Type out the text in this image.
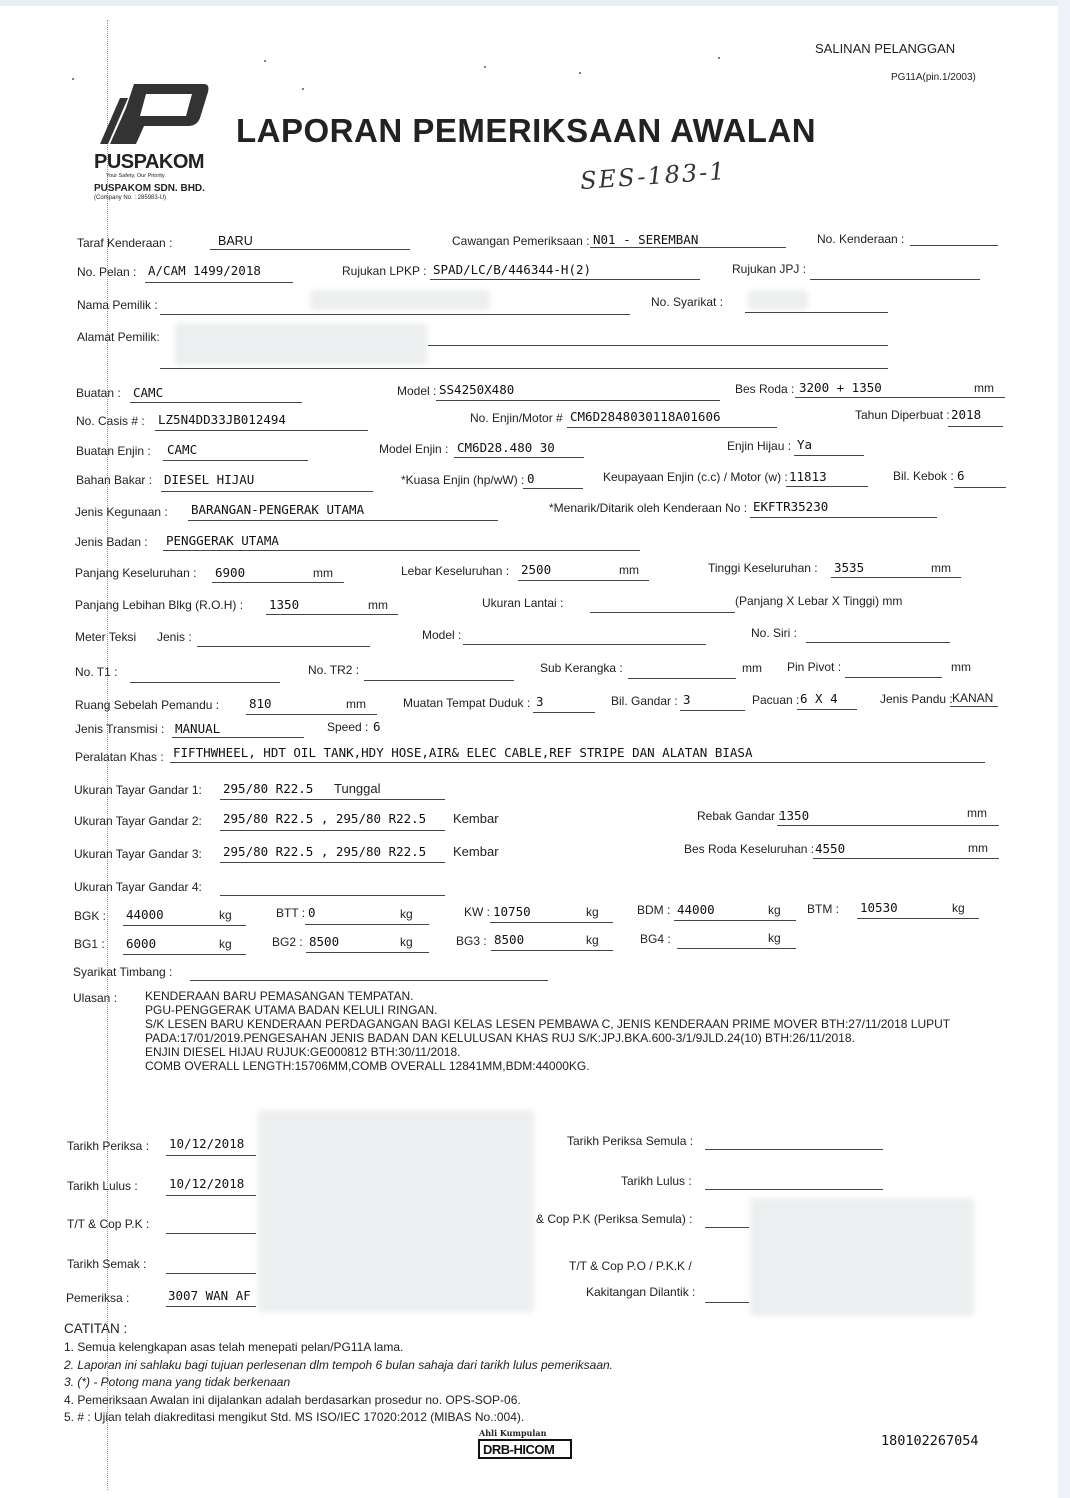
SALINAN PELANGGAN
PG11A(pin.1/2003)
PUSPAKOM
Your Safety, Our Priority
PUSPAKOM SDN. BHD.
(Company No. : 285983-U)
LAPORAN PEMERIKSAAN AWALAN
SES-183-1
Taraf Kenderaan :	BARU	Cawangan Pemeriksaan : N01 - SEREMBAN	No. Kenderaan :
No. Pelan : A/CAM 1499/2018	Rujukan LPKP : SPAD/LC/B/446344-H(2)	Rujukan JPJ :
Nama Pemilik :	No. Syarikat :
Alamat Pemilik:
Buatan : CAMC	Model : SS4250X480	Bes Roda : 3200 + 1350	mm
No. Casis # : LZ5N4DD33JB012494	No. Enjin/Motor # CM6D2848030118A01606	Tahun Diperbuat : 2018
Buatan Enjin : CAMC	Model Enjin : CM6D28.480 30	Enjin Hijau : Ya
Bahan Bakar : DIESEL HIJAU	*Kuasa Enjin (hp/wW) : 0	Keupayaan Enjin (c.c) / Motor (w) : 11813	Bil. Kebok : 6
Jenis Kegunaan : BARANGAN-PENGERAK UTAMA	*Menarik/Ditarik oleh Kenderaan No : EKFTR35230
Jenis Badan : PENGGERAK UTAMA
Panjang Keseluruhan : 6900	mm	Lebar Keseluruhan : 2500	mm	Tinggi Keseluruhan : 3535	mm
Panjang Lebihan Blkg (R.O.H) : 1350	mm	Ukuran Lantai :	(Panjang X Lebar X Tinggi) mm
Meter Teksi Jenis :	Model :	No. Siri :
No. T1 :	No. TR2 :	Sub Kerangka :	mm Pin Pivot :	mm
Ruang Sebelah Pemandu : 810	mm	Muatan Tempat Duduk : 3	Bil. Gandar : 3	Pacuan : 6 X 4	Jenis Pandu : KANAN
Jenis Transmisi : MANUAL	Speed : 6
Peralatan Khas : FIFTHWHEEL, HDT OIL TANK,HDY HOSE,AIR& ELEC CABLE,REF STRIPE DAN ALATAN BIASA
Ukuran Tayar Gandar 1: 295/80 R22.5 Tunggal
Ukuran Tayar Gandar 2: 295/80 R22.5 , 295/80 R22.5 Kembar	Rebak Gandar :
1350	mm
Ukuran Tayar Gandar 3: 295/80 R22.5 , 295/80 R22.5 Kembar	Bes Roda Keseluruhan : 4550	mm
Ukuran Tayar Gandar 4:
BGK : 44000	kg	BTT : 0	kg	KW : 10750	kg	BDM : 44000	kg BTM : 10530	kg
BG1 : 6000	kg	BG2 : 8500	kg	BG3 : 8500	kg	BG4 :	kg
Syarikat Timbang :
Ulasan : KENDERAAN BARU PEMASANGAN TEMPATAN.
PGU-PENGGERAK UTAMA BADAN KELULI RINGAN.
S/K LESEN BARU KENDERAAN PERDAGANGAN BAGI KELAS LESEN PEMBAWA C, JENIS KENDERAAN PRIME MOVER BTH:27/11/2018 LUPUT
PADA:17/01/2019.PENGESAHAN JENIS BADAN DAN KELULUSAN KHAS RUJ S/K:JPJ.BKA.600-3/1/9JLD.24(10) BTH:26/11/2018.
ENJIN DIESEL HIJAU RUJUK:GE000812 BTH:30/11/2018.
COMB OVERALL LENGTH:15706MM,COMB OVERALL 12841MM,BDM:44000KG.
Tarikh Periksa : 10/12/2018	Tarikh Periksa Semula :
Tarikh Lulus :	10/12/2018	Tarikh Lulus :
T/T & Cop P.K :	& Cop P.K (Periksa Semula) :
Tarikh Semak :	T/T & Cop P.O / P.K.K /
Kakitangan Dilantik :
Pemeriksa :	3007 WAN AF
CATITAN :
1. Semua kelengkapan asas telah menepati pelan/PG11A lama.
2. Laporan ini sahlaku bagi tujuan perlesenan dlm tempoh 6 bulan sahaja dari tarikh lulus pemeriksaan.
3. (*) - Potong mana yang tidak berkenaan
4. Pemeriksaan Awalan ini dijalankan adalah berdasarkan prosedur no. OPS-SOP-06.
5. # : Ujian telah diakreditasi mengikut Std. MS ISO/IEC 17020:2012 (MIBAS No.:004).
Ahli Kumpulan
DRB-HICOM
180102267054
